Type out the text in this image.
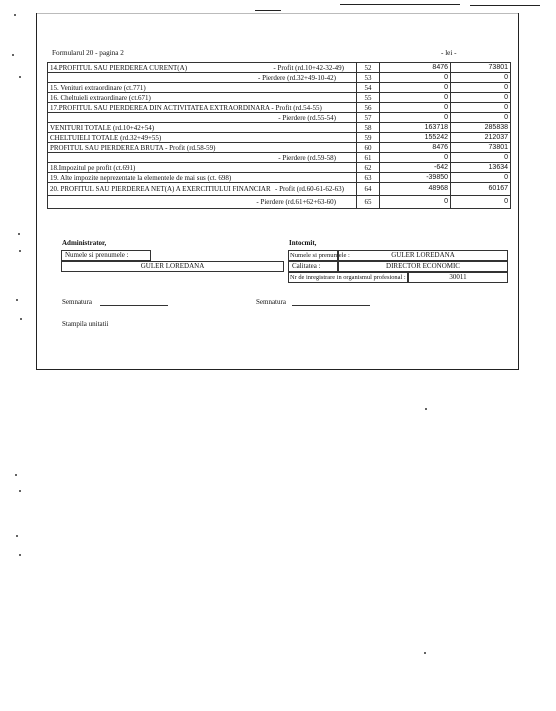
Formularul 20 - pagina 2	- lei -
14.PROFITUL SAU PIERDEREA CURENT(A) - Profit (rd.10+42-32-49)	52	8476	73801

- Pierdere (rd.32+49-10-42)	53	0	0
15. Venituri extraordinare (ct.771)	54	0	0
16. Cheltuieli extraordinare (ct.671)	55	0	0
17.PROFITUL SAU PIERDEREA DIN ACTIVITATEA EXTRAORDINARA - Profit (rd.54-55)	56	0	0

- Pierdere (rd.55-54)	57	0	0
VENITURI TOTALE (rd.10+42+54)	58	163718	285838
CHELTUIELI TOTALE (rd.32+49+55)	59	155242	212037
PROFITUL SAU PIERDEREA BRUTA - Profit (rd.58-59)	60	8476	73801

- Pierdere (rd.59-58)	61	0	0
18.Impozitul pe profit (ct.691)	62	-642	13634
19. Alte impozite neprezentate la elementele de mai sus (ct. 698)	63	-39850	0
20. PROFITUL SAU PIERDEREA NET(A) A EXERCITIULUI FINANCIAR - Profit (rd.60-61-62-63)	64	48968	60167

- Pierdere (rd.61+62+63-60)	65	0	0
Administrator,
Numele si prenumele :
GULER LOREDANA
Intocmit,
Numele si prenumele :	GULER LOREDANA
Calitatea :	DIRECTOR ECONOMIC
Nr de inregistrare in organismul profesional :	30011
Semnatura	Semnatura
Stampila unitatii
